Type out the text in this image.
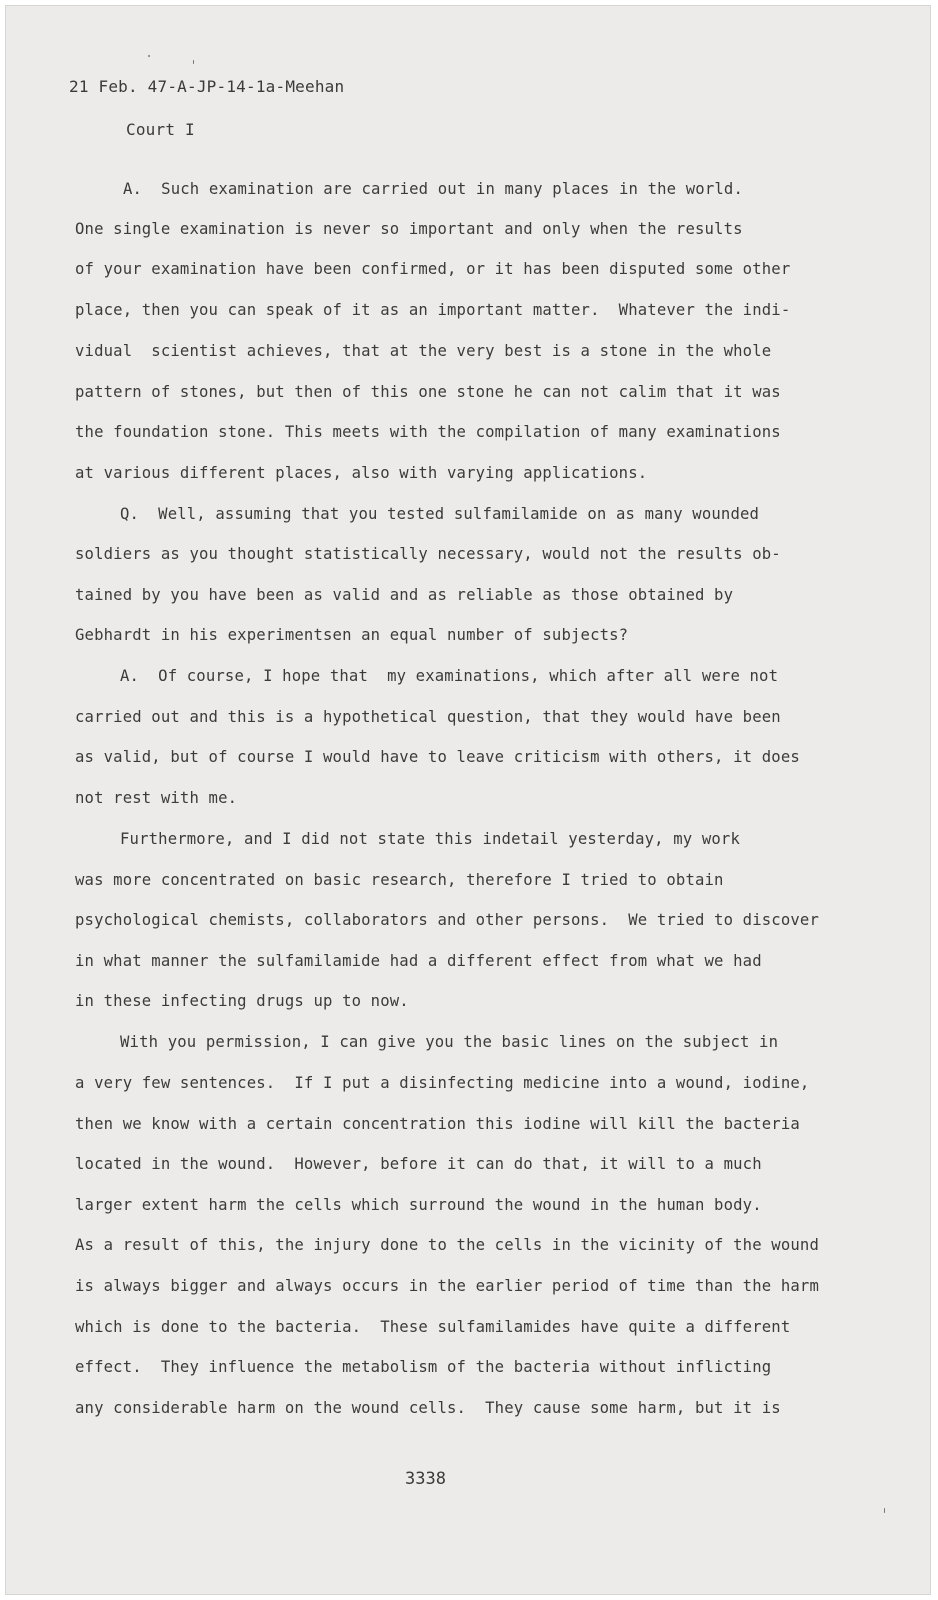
21 Feb. 47-A-JP-14-1a-Meehan
Court I
A.  Such examination are carried out in many places in the world.
One single examination is never so important and only when the results
of your examination have been confirmed, or it has been disputed some other
place, then you can speak of it as an important matter.  Whatever the indi-
vidual  scientist achieves, that at the very best is a stone in the whole
pattern of stones, but then of this one stone he can not calim that it was
the foundation stone. This meets with the compilation of many examinations
at various different places, also with varying applications.
Q.  Well, assuming that you tested sulfamilamide on as many wounded
soldiers as you thought statistically necessary, would not the results ob-
tained by you have been as valid and as reliable as those obtained by
Gebhardt in his experimentsen an equal number of subjects?
A.  Of course, I hope that  my examinations, which after all were not
carried out and this is a hypothetical question, that they would have been
as valid, but of course I would have to leave criticism with others, it does
not rest with me.
Furthermore, and I did not state this indetail yesterday, my work
was more concentrated on basic research, therefore I tried to obtain
psychological chemists, collaborators and other persons.  We tried to discover
in what manner the sulfamilamide had a different effect from what we had
in these infecting drugs up to now.
With you permission, I can give you the basic lines on the subject in
a very few sentences.  If I put a disinfecting medicine into a wound, iodine,
then we know with a certain concentration this iodine will kill the bacteria
located in the wound.  However, before it can do that, it will to a much
larger extent harm the cells which surround the wound in the human body.
As a result of this, the injury done to the cells in the vicinity of the wound
is always bigger and always occurs in the earlier period of time than the harm
which is done to the bacteria.  These sulfamilamides have quite a different
effect.  They influence the metabolism of the bacteria without inflicting
any considerable harm on the wound cells.  They cause some harm, but it is
3338
